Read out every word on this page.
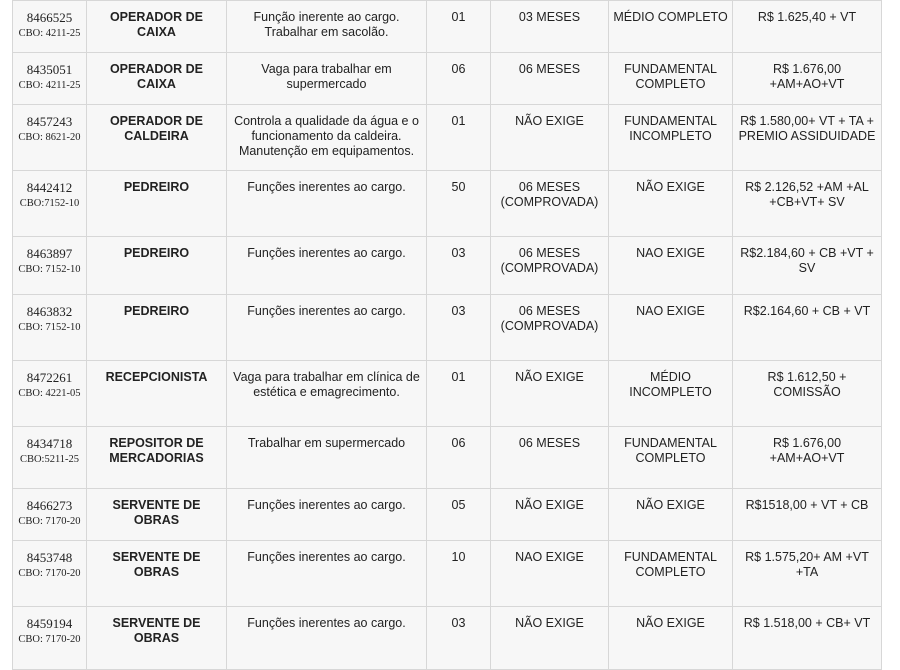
8466525
CBO: 4211-25	OPERADOR DE CAIXA	Função inerente ao cargo. Trabalhar em sacolão.	01	03 MESES	MÉDIO COMPLETO	R$ 1.625,40 + VT

8435051
CBO: 4211-25	OPERADOR DE CAIXA	Vaga para trabalhar em supermercado	06	06 MESES	FUNDAMENTAL COMPLETO	R$ 1.676,00 +AM+AO+VT

8457243
CBO: 8621-20	OPERADOR DE CALDEIRA	Controla a qualidade da água e o funcionamento da caldeira. Manutenção em equipamentos.	01	NÃO EXIGE	FUNDAMENTAL INCOMPLETO	R$ 1.580,00+ VT + TA + PREMIO ASSIDUIDADE

8442412
CBO:7152-10	PEDREIRO	Funções inerentes ao cargo.	50	06 MESES (COMPROVADA)	NÃO EXIGE	R$ 2.126,52 +AM +AL +CB+VT+ SV

8463897
CBO: 7152-10	PEDREIRO	Funções inerentes ao cargo.	03	06 MESES (COMPROVADA)	NAO EXIGE	R$2.184,60 + CB +VT + SV

8463832
CBO: 7152-10	PEDREIRO	Funções inerentes ao cargo.	03	06 MESES (COMPROVADA)	NAO EXIGE	R$2.164,60 + CB + VT

8472261
CBO: 4221-05	RECEPCIONISTA	Vaga para trabalhar em clínica de estética e emagrecimento.	01	NÃO EXIGE	MÉDIO INCOMPLETO	R$ 1.612,50 + COMISSÃO

8434718
CBO:5211-25	REPOSITOR DE MERCADORIAS	Trabalhar em supermercado	06	06 MESES	FUNDAMENTAL COMPLETO	R$ 1.676,00 +AM+AO+VT

8466273
CBO: 7170-20	SERVENTE DE OBRAS	Funções inerentes ao cargo.	05	NÃO EXIGE	NÃO EXIGE	R$1518,00 + VT + CB

8453748
CBO: 7170-20	SERVENTE DE OBRAS	Funções inerentes ao cargo.	10	NAO EXIGE	FUNDAMENTAL COMPLETO	R$ 1.575,20+ AM +VT +TA

8459194
CBO: 7170-20	SERVENTE DE OBRAS	Funções inerentes ao cargo.	03	NÃO EXIGE	NÃO EXIGE	R$ 1.518,00 + CB+ VT
